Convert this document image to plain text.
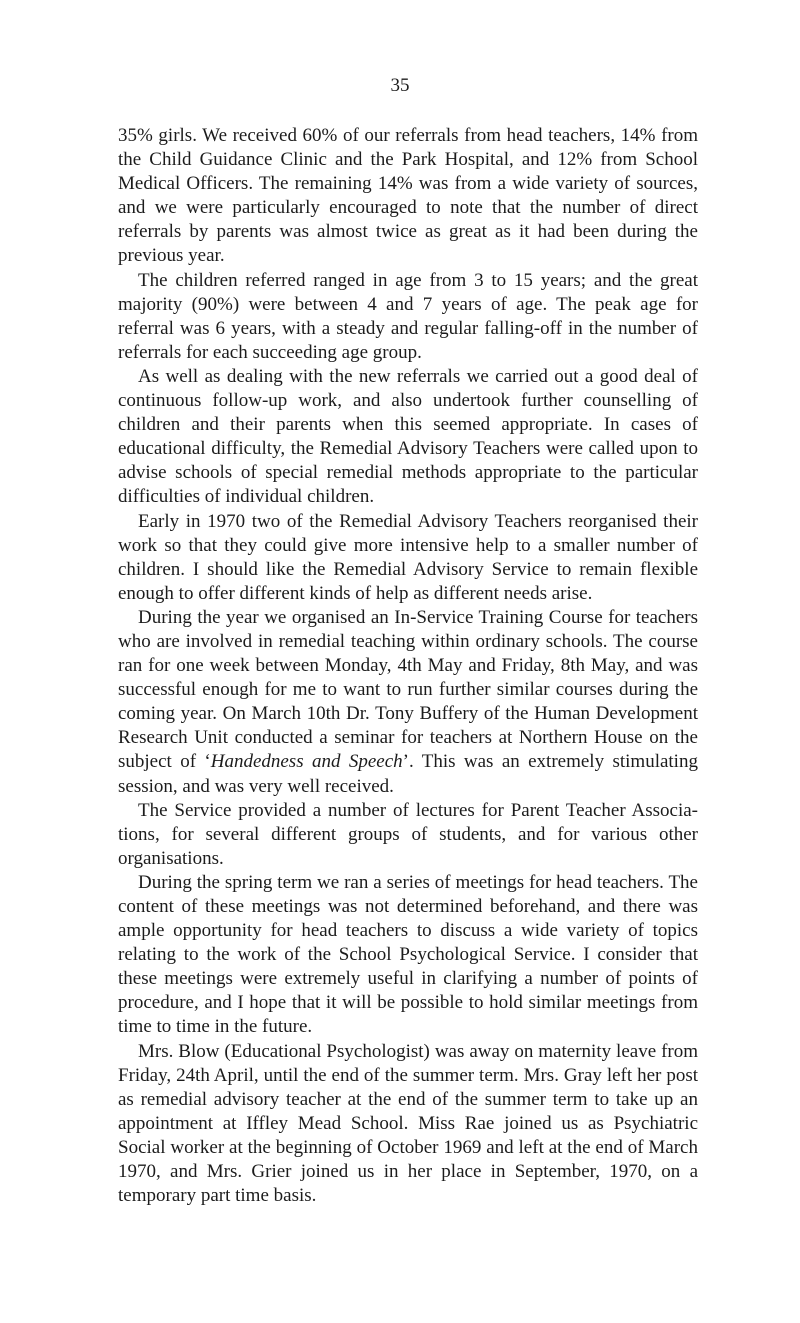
35

35% girls. We received 60% of our referrals from head teachers, 14% from the Child Guidance Clinic and the Park Hospital, and 12% from School Medical Officers. The remaining 14% was from a wide variety of sources, and we were particularly encouraged to note that the number of direct referrals by parents was almost twice as great as it had been during the previous year.

The children referred ranged in age from 3 to 15 years; and the great majority (90%) were between 4 and 7 years of age. The peak age for referral was 6 years, with a steady and regular falling-off in the number of referrals for each succeeding age group.

As well as dealing with the new referrals we carried out a good deal of continuous follow-up work, and also undertook further counselling of children and their parents when this seemed appropriate. In cases of educational difficulty, the Remedial Advisory Teachers were called upon to advise schools of special remedial methods appropriate to the particular difficulties of individual children.

Early in 1970 two of the Remedial Advisory Teachers reorganised their work so that they could give more intensive help to a smaller number of children. I should like the Remedial Advisory Service to remain flexible enough to offer different kinds of help as different needs arise.

During the year we organised an In-Service Training Course for teachers who are involved in remedial teaching within ordinary schools. The course ran for one week between Monday, 4th May and Friday, 8th May, and was successful enough for me to want to run further similar courses during the coming year. On March 10th Dr. Tony Buffery of the Human Development Research Unit conducted a seminar for teachers at Northern House on the subject of ‘Handedness and Speech’. This was an extremely stimulating session, and was very well received.

The Service provided a number of lectures for Parent Teacher Associations, for several different groups of students, and for various other organisations.

During the spring term we ran a series of meetings for head teachers. The content of these meetings was not determined beforehand, and there was ample opportunity for head teachers to discuss a wide variety of topics relating to the work of the School Psychological Service. I consider that these meetings were extremely useful in clarifying a number of points of procedure, and I hope that it will be possible to hold similar meetings from time to time in the future.

Mrs. Blow (Educational Psychologist) was away on maternity leave from Friday, 24th April, until the end of the summer term. Mrs. Gray left her post as remedial advisory teacher at the end of the summer term to take up an appointment at Iffley Mead School. Miss Rae joined us as Psychiatric Social worker at the beginning of October 1969 and left at the end of March 1970, and Mrs. Grier joined us in her place in September, 1970, on a temporary part time basis.
